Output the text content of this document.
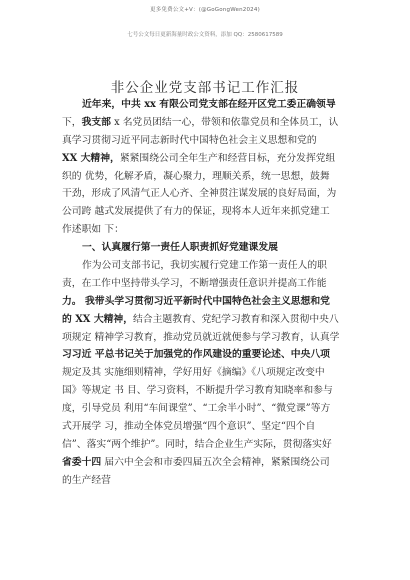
更多免费公文+V：(@GoGongWen2024)
七号公文每日更新海量时政公文资料，添加 QQ：2580617589
非公企业党支部书记工作汇报
近年来，中共 xx 有限公司党支部在经开区党工委正确领导
下，我支部 x 名党员团结一心，带领和依靠党员和全体员工，认
真学习贯彻习近平同志新时代中国特色社会主义思想和党的
XX 大精神，紧紧围绕公司全年生产和经营目标，充分发挥党组
织的 优势，化解矛盾，凝心聚力，理顺关系，统一思想，鼓舞
干劲，形成了风清气正人心齐、全神贯注谋发展的良好局面，为
公司跨 越式发展提供了有力的保证，现将本人近年来抓党建工
作述职如 下：
一、认真履行第一责任人职责抓好党建课发展
作为公司支部书记，我切实履行党建工作第一责任人的职
责，在工作中坚持带头学习，不断增强责任意识并提高工作能
力。 我带头学习贯彻习近平新时代中国特色社会主义思想和党
的 XX 大精神，结合主题教育、党纪学习教育和深入贯彻中央八
项规定 精神学习教育，推动党员就近就便参与学习教育，认真学
习习近 平总书记关于加强党的作风建设的重要论述、中央八项
规定及其 实施细则精神，学好用好《摘编》《八项规定改变中
国》等规定 书 目、学习资料，不断提升学习教育知晓率和参与
度，引导党员 利用“车间课堂”、“工余半小时”、“微党课”等方
式开展学 习，推动全体党员增强“四个意识”、坚定“四个自
信”、落实“两个维护”。同时，结合企业生产实际，贯彻落实好
省委十四 届六中全会和市委四届五次全会精神，紧紧围绕公司
的生产经营
